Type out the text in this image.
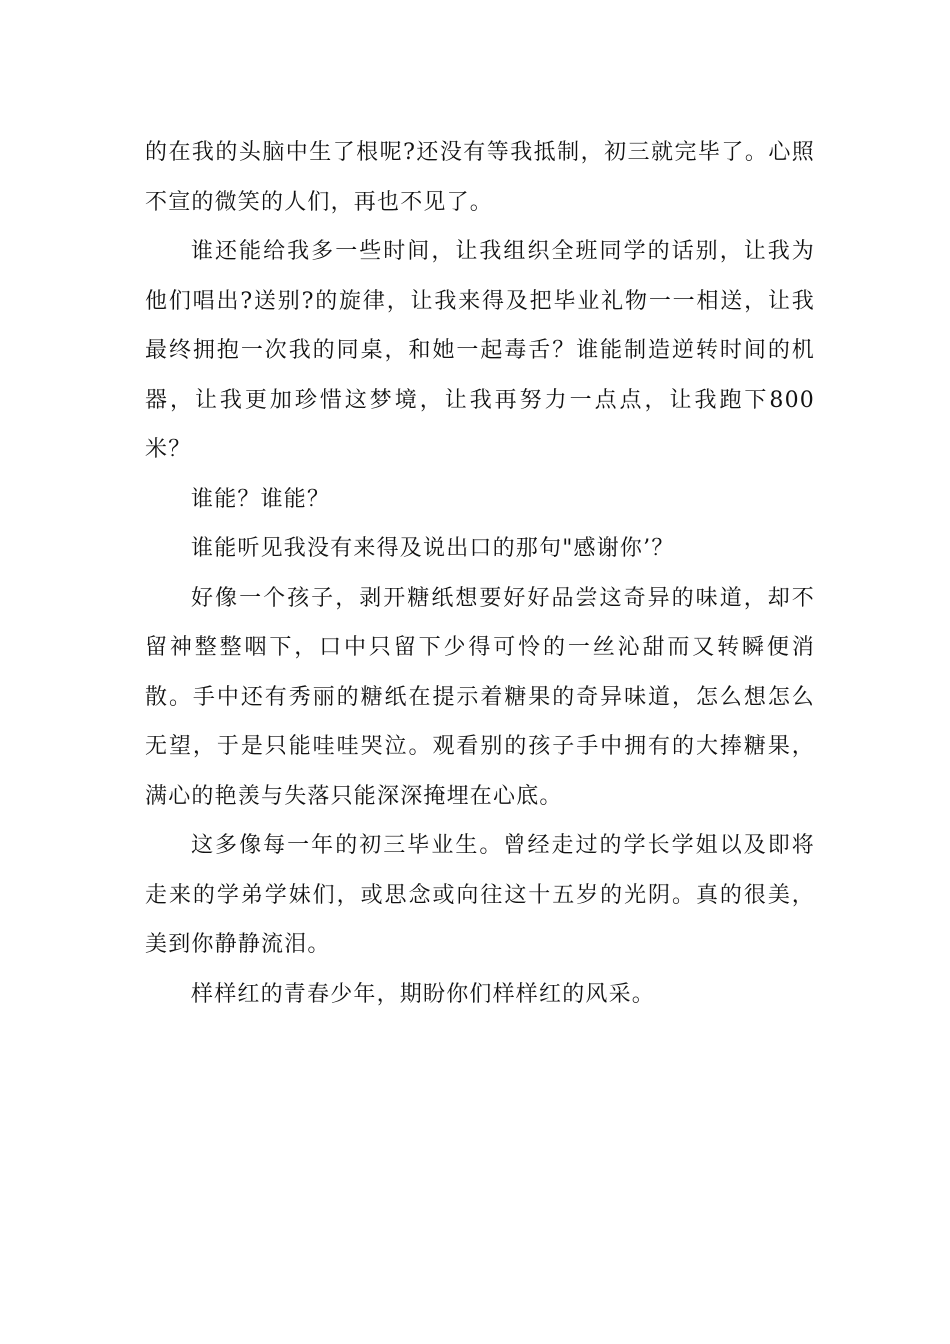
的在我的头脑中生了根呢?还没有等我抵制，初三就完毕了。心照不宣的微笑的人们，再也不见了。

谁还能给我多一些时间，让我组织全班同学的话别，让我为他们唱出?送别?的旋律，让我来得及把毕业礼物一一相送，让我最终拥抱一次我的同桌，和她一起毒舌？谁能制造逆转时间的机器，让我更加珍惜这梦境，让我再努力一点点，让我跑下800米？

谁能？谁能？

谁能听见我没有来得及说出口的那句"感谢你’？

好像一个孩子，剥开糖纸想要好好品尝这奇异的味道，却不留神整整咽下，口中只留下少得可怜的一丝沁甜而又转瞬便消散。手中还有秀丽的糖纸在提示着糖果的奇异味道，怎么想怎么无望，于是只能哇哇哭泣。观看别的孩子手中拥有的大捧糖果，满心的艳羡与失落只能深深掩埋在心底。

这多像每一年的初三毕业生。曾经走过的学长学姐以及即将走来的学弟学妹们，或思念或向往这十五岁的光阴。真的很美，美到你静静流泪。

样样红的青春少年，期盼你们样样红的风采。
